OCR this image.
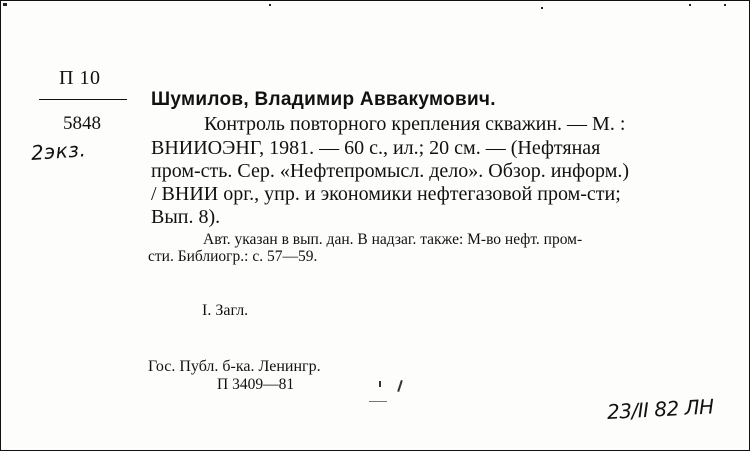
П 10
5848
2экз.
Шумилов, Владимир Аввакумович.
Контроль повторного крепления скважин. — М. :
ВНИИОЭНГ, 1981. — 60 с., ил.; 20 см. — (Нефтяная
пром-сть. Сер. «Нефтепромысл. дело». Обзор. информ.)
/ ВНИИ орг., упр. и экономики нефтегазовой пром-сти;
Вып. 8).
Авт. указан в вып. дан. В надзаг. также: М-во нефт. пром-
сти. Библиогр.: с. 57—59.
I. Загл.
Гос. Публ. б-ка. Ленингр.
П 3409—81
23/II 82 ЛН
